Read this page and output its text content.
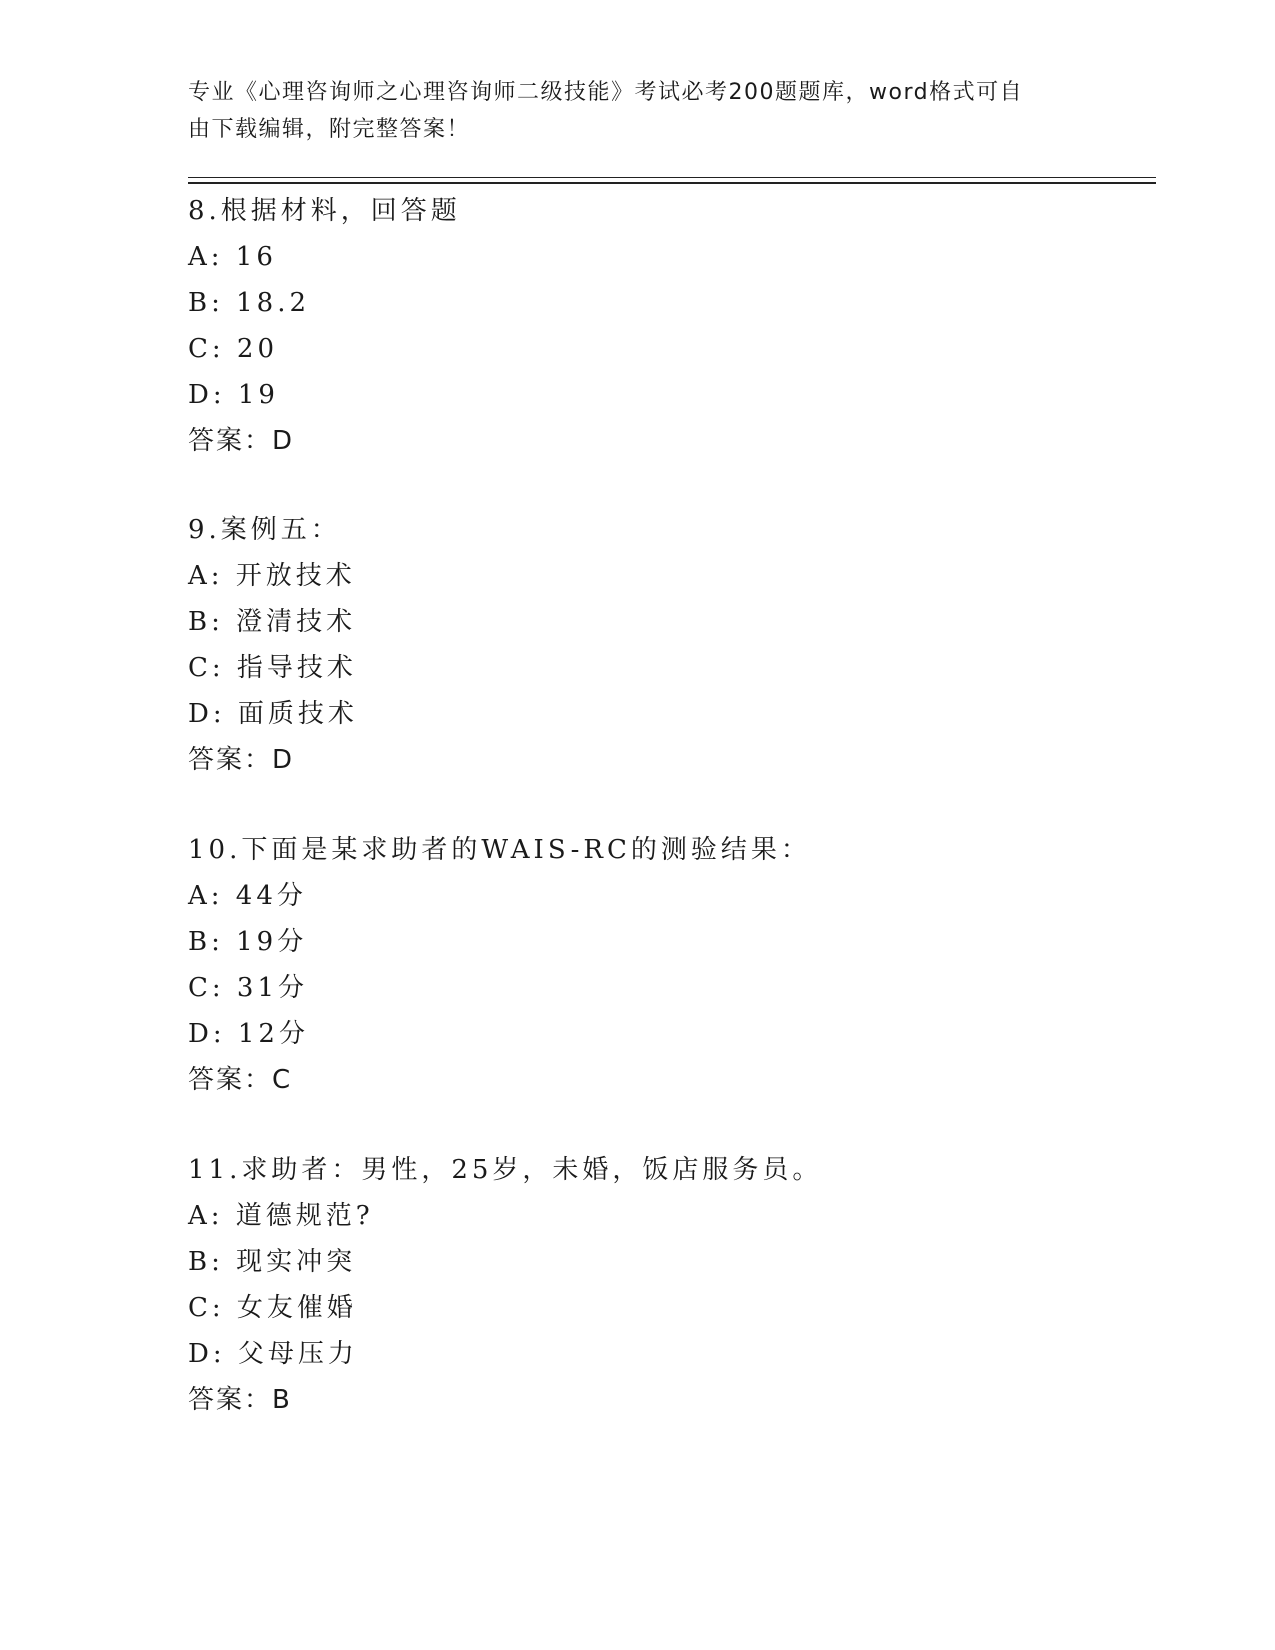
专业《心理咨询师之心理咨询师二级技能》考试必考200题题库，word格式可自
由下载编辑，附完整答案！
8.根据材料，回答题
A: 16
B: 18.2
C: 20
D: 19
答案：D
9.案例五：
A: 开放技术
B: 澄清技术
C: 指导技术
D: 面质技术
答案：D
10.下面是某求助者的WAIS-RC的测验结果：
A: 44分
B: 19分
C: 31分
D: 12分
答案：C
11.求助者：男性，25岁，未婚，饭店服务员。
A: 道德规范?
B: 现实冲突
C: 女友催婚
D: 父母压力
答案：B
